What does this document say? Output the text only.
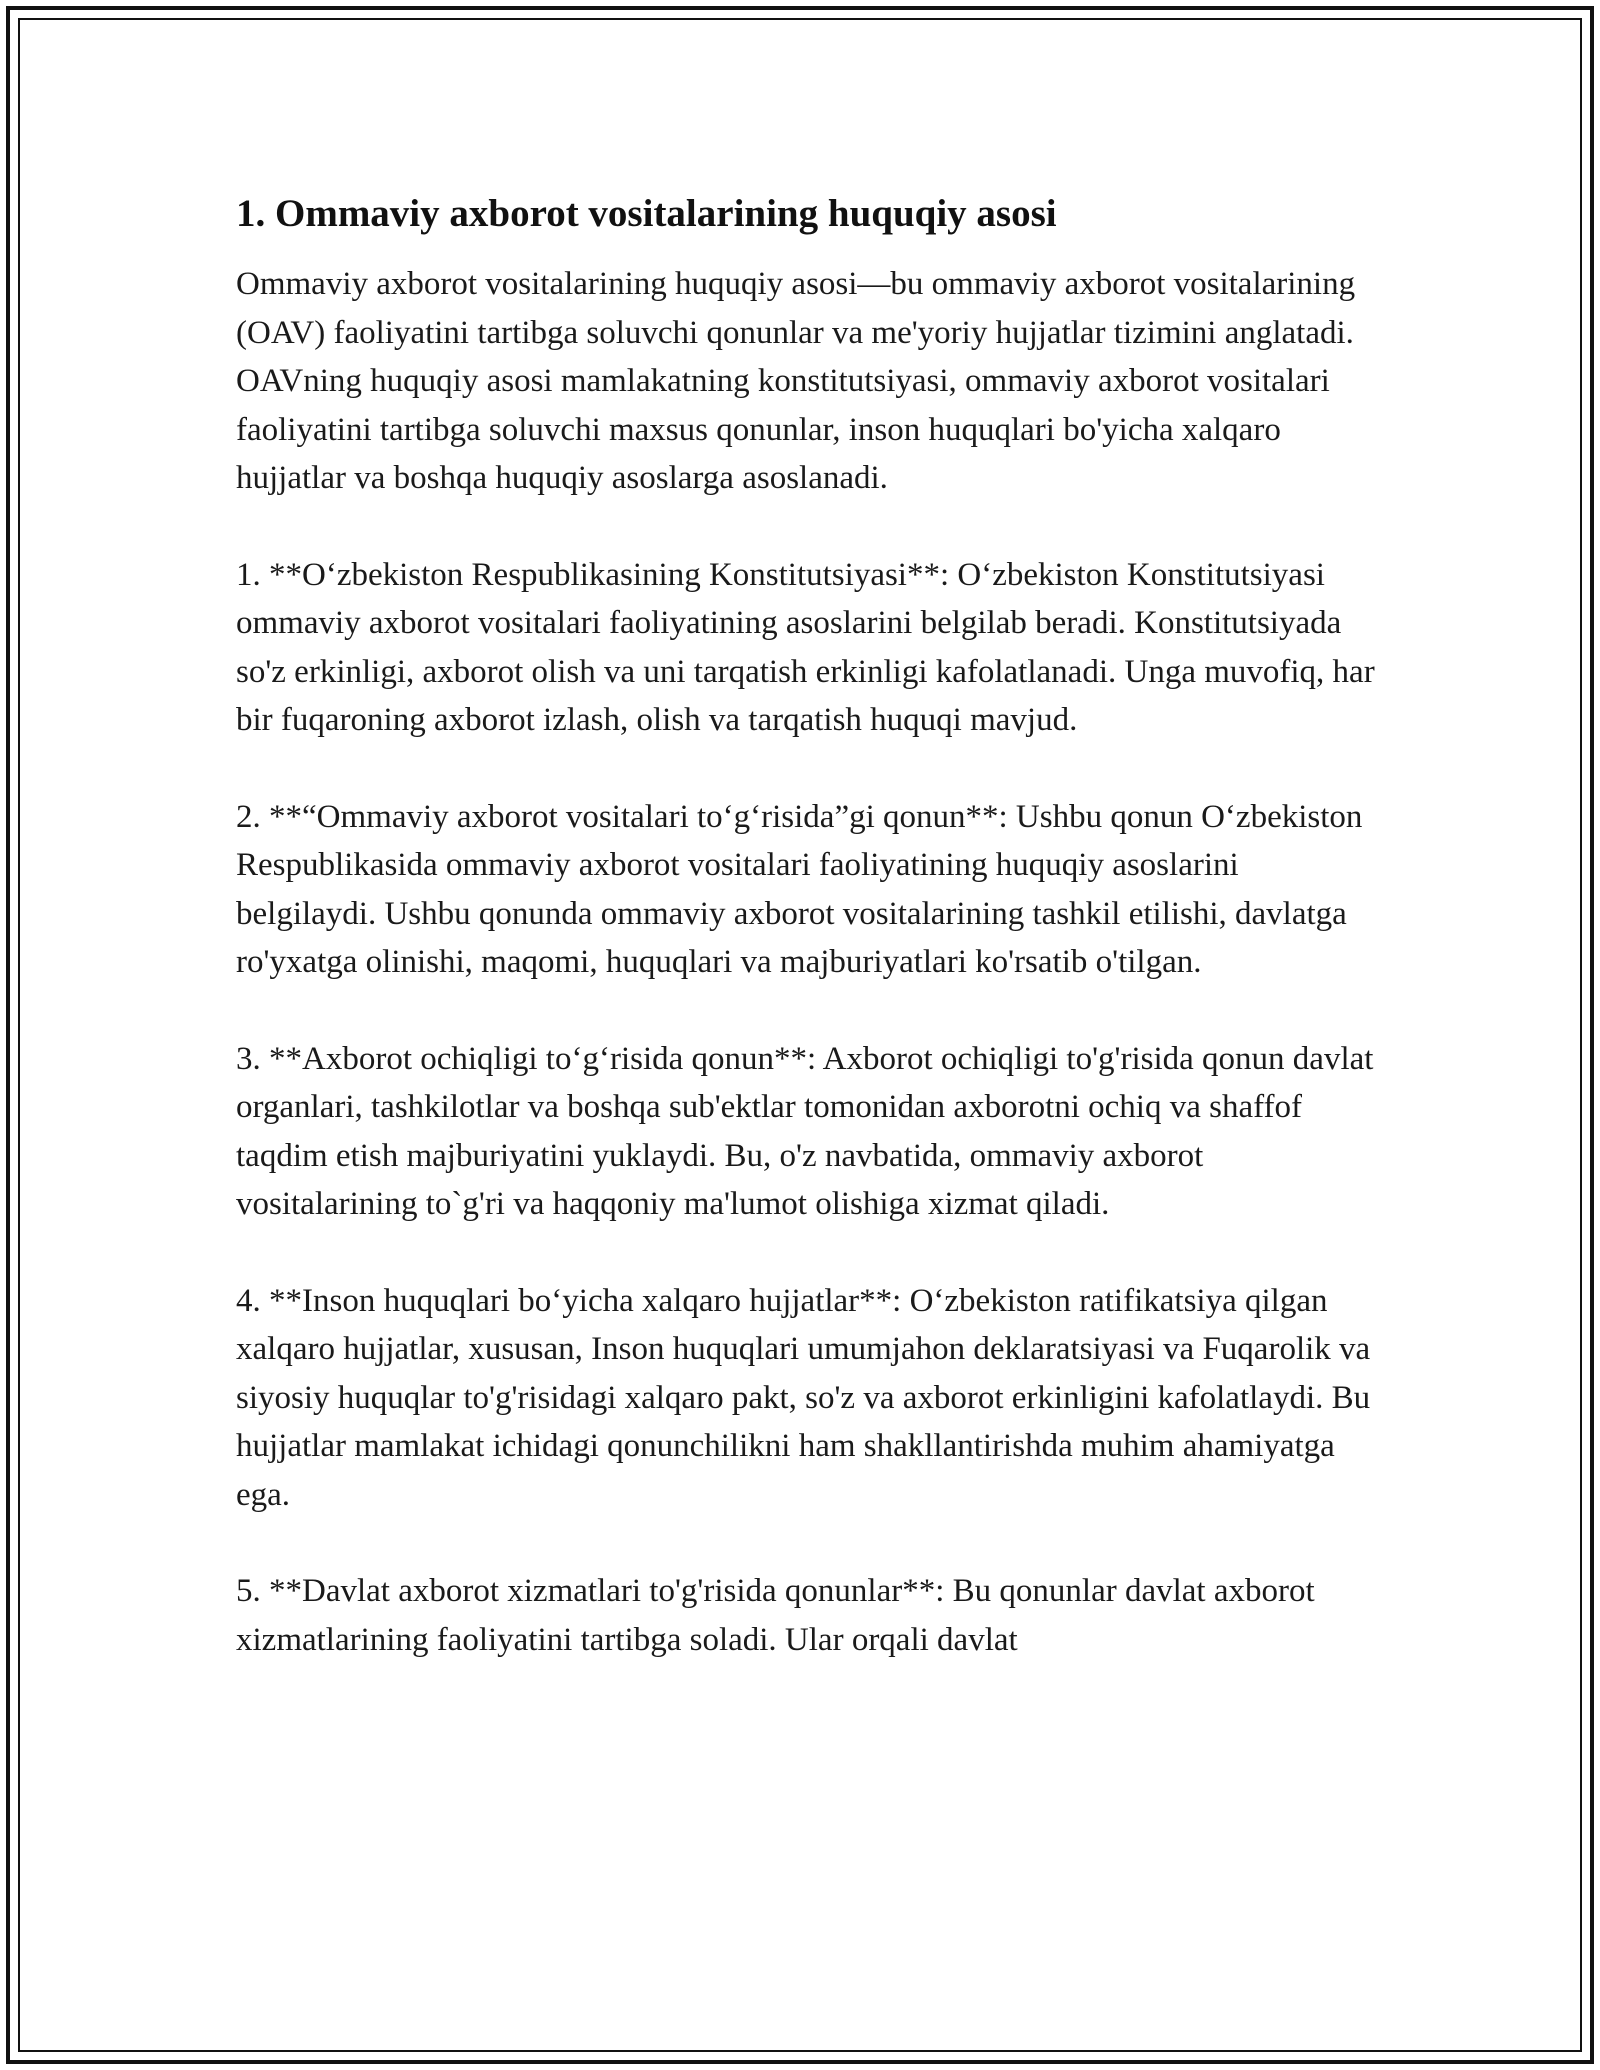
1. Ommaviy axborot vositalarining huquqiy asosi

Ommaviy axborot vositalarining huquqiy asosi—bu ommaviy axborot vositalarining (OAV) faoliyatini tartibga soluvchi qonunlar va me'yoriy hujjatlar tizimini anglatadi. OAVning huquqiy asosi mamlakatning konstitutsiyasi, ommaviy axborot vositalari faoliyatini tartibga soluvchi maxsus qonunlar, inson huquqlari bo'yicha xalqaro hujjatlar va boshqa huquqiy asoslarga asoslanadi.

1. **Oʻzbekiston Respublikasining Konstitutsiyasi**: Oʻzbekiston Konstitutsiyasi ommaviy axborot vositalari faoliyatining asoslarini belgilab beradi. Konstitutsiyada so'z erkinligi, axborot olish va uni tarqatish erkinligi kafolatlanadi. Unga muvofiq, har bir fuqaroning axborot izlash, olish va tarqatish huquqi mavjud.

2. **“Ommaviy axborot vositalari toʻgʻrisida”gi qonun**: Ushbu qonun Oʻzbekiston Respublikasida ommaviy axborot vositalari faoliyatining huquqiy asoslarini belgilaydi. Ushbu qonunda ommaviy axborot vositalarining tashkil etilishi, davlatga ro'yxatga olinishi, maqomi, huquqlari va majburiyatlari ko'rsatib o'tilgan.

3. **Axborot ochiqligi toʻgʻrisida qonun**: Axborot ochiqligi to'g'risida qonun davlat organlari, tashkilotlar va boshqa sub'ektlar tomonidan axborotni ochiq va shaffof taqdim etish majburiyatini yuklaydi. Bu, o'z navbatida, ommaviy axborot vositalarining to`g'ri va haqqoniy ma'lumot olishiga xizmat qiladi.

4. **Inson huquqlari boʻyicha xalqaro hujjatlar**: Oʻzbekiston ratifikatsiya qilgan xalqaro hujjatlar, xususan, Inson huquqlari umumjahon deklaratsiyasi va Fuqarolik va siyosiy huquqlar to'g'risidagi xalqaro pakt, so'z va axborot erkinligini kafolatlaydi. Bu hujjatlar mamlakat ichidagi qonunchilikni ham shakllantirishda muhim ahamiyatga ega.

5. **Davlat axborot xizmatlari to'g'risida qonunlar**: Bu qonunlar davlat axborot xizmatlarining faoliyatini tartibga soladi. Ular orqali davlat
